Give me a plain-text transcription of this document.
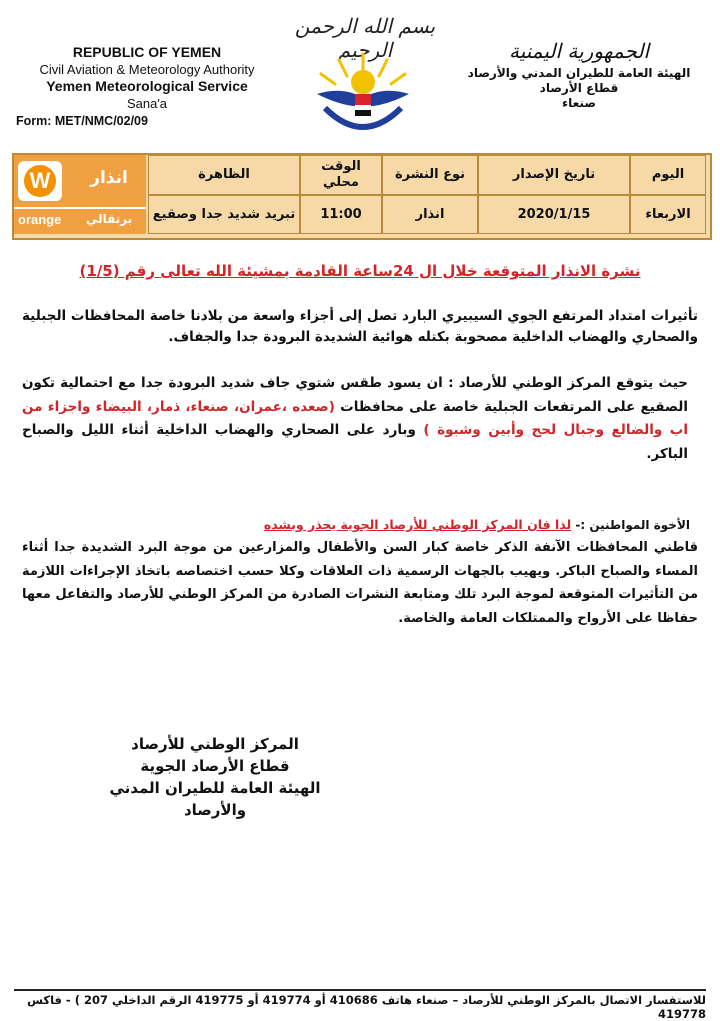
بسم الله الرحمن الرحيم
REPUBLIC OF YEMEN
Civil Aviation & Meteorology Authority
Yemen Meteorological Service
Sana'a
Form: MET/NMC/02/09
الجمهورية اليمنية
الهيئة العامة للطيران المدني والأرصاد
قطاع الأرصاد
صنعاء
W	انذار
orange برتقالي
اليوم
تاريخ الإصدار
نوع النشرة
الوقت محلي
الظاهرة
الاربعاء
2020/1/15
انذار
11:00
تبريد شديد جدا وصقيع
نشرة الانذار المتوقعة خلال ال 24ساعة القادمة بمشيئة الله تعالى رقم (1/5)
تأثيرات امتداد المرتفع الجوي السيبيري البارد تصل إلى أجزاء واسعة من بلادنا خاصة المحافظات الجبلية والصحاري والهضاب الداخلية مصحوبة بكتله هوائية الشديدة البرودة جدا والجفاف.
حيث يتوقع المركز الوطني للأرصاد : ان يسود طقس شتوي جاف شديد البرودة جدا مع احتمالية تكون الصقيع على المرتفعات الجبلية خاصة على محافظات (صعده ،عمران، صنعاء، ذمار، البيضاء واجزاء من اب والضالع وجبال لحج وأبين وشبوة ) وبارد على الصحاري والهضاب الداخلية أثناء الليل والصباح الباكر.
الأخوة المواطنين :- لذا فان المركز الوطني للأرصاد الجوية يحذر وبشده
قاطني المحافظات الآنفة الذكر خاصة كبار السن والأطفال والمزارعين من موجة البرد الشديدة جدا أثناء المساء والصباح الباكر. ويهيب بالجهات الرسمية ذات العلاقات وكلا حسب اختصاصه باتخاذ الإجراءات اللازمة من التأثيرات المتوقعة لموجة البرد تلك ومتابعة النشرات الصادرة من المركز الوطني للأرصاد والتفاعل معها حفاظا على الأرواح والممتلكات العامة والخاصة.
المركز الوطني للأرصاد
قطاع الأرصاد الجوية
الهيئة العامة للطيران المدني والأرصاد
للاستفسار الاتصال بالمركز الوطني للأرصاد – صنعاء هاتف 410686 أو 419774 أو 419775 الرقم الداخلي 207 ) - فاكس 419778
